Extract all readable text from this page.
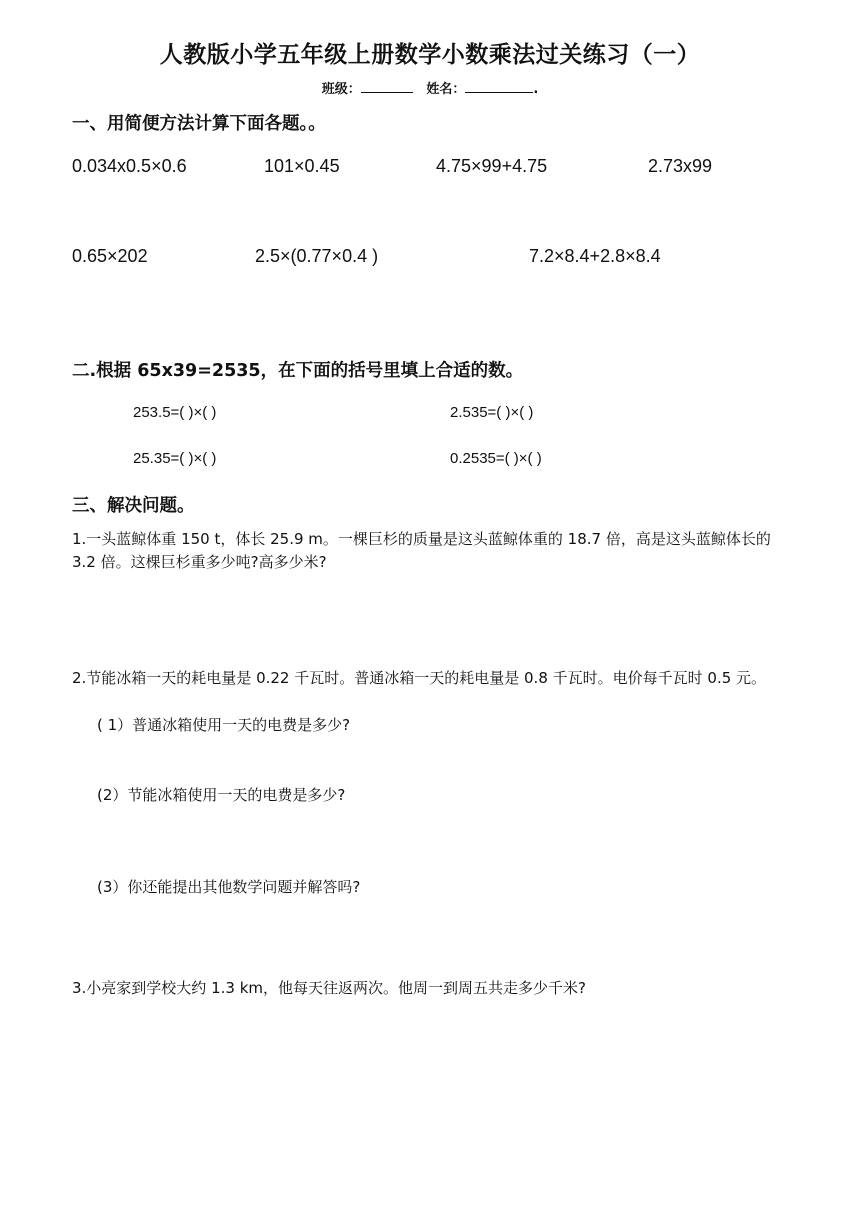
人教版小学五年级上册数学小数乘法过关练习（一）
班级：	姓名：	.
一、用简便方法计算下面各题。。
0.034x0.5×0.6	101×0.45	4.75×99+4.75	2.73x99
0.65×202	2.5×(0.77×0.4 )	7.2×8.4+2.8×8.4
二.根据 65x39=2535，在下面的括号里填上合适的数。
253.5=( )×( )	2.535=( )×( )
25.35=( )×( )	0.2535=( )×( )
三、解决问题。
1.一头蓝鲸体重 150 t，体长 25.9 m。一棵巨杉的质量是这头蓝鲸体重的 18.7 倍，高是这头蓝鲸体长的 3.2 倍。这棵巨杉重多少吨?高多少米?
2.节能冰箱一天的耗电量是 0.22 千瓦时。普通冰箱一天的耗电量是 0.8 千瓦时。电价每千瓦时 0.5 元。
( 1）普通冰箱使用一天的电费是多少?
(2）节能冰箱使用一天的电费是多少?
(3）你还能提出其他数学问题并解答吗?
3.小亮家到学校大约 1.3 km，他每天往返两次。他周一到周五共走多少千米?
